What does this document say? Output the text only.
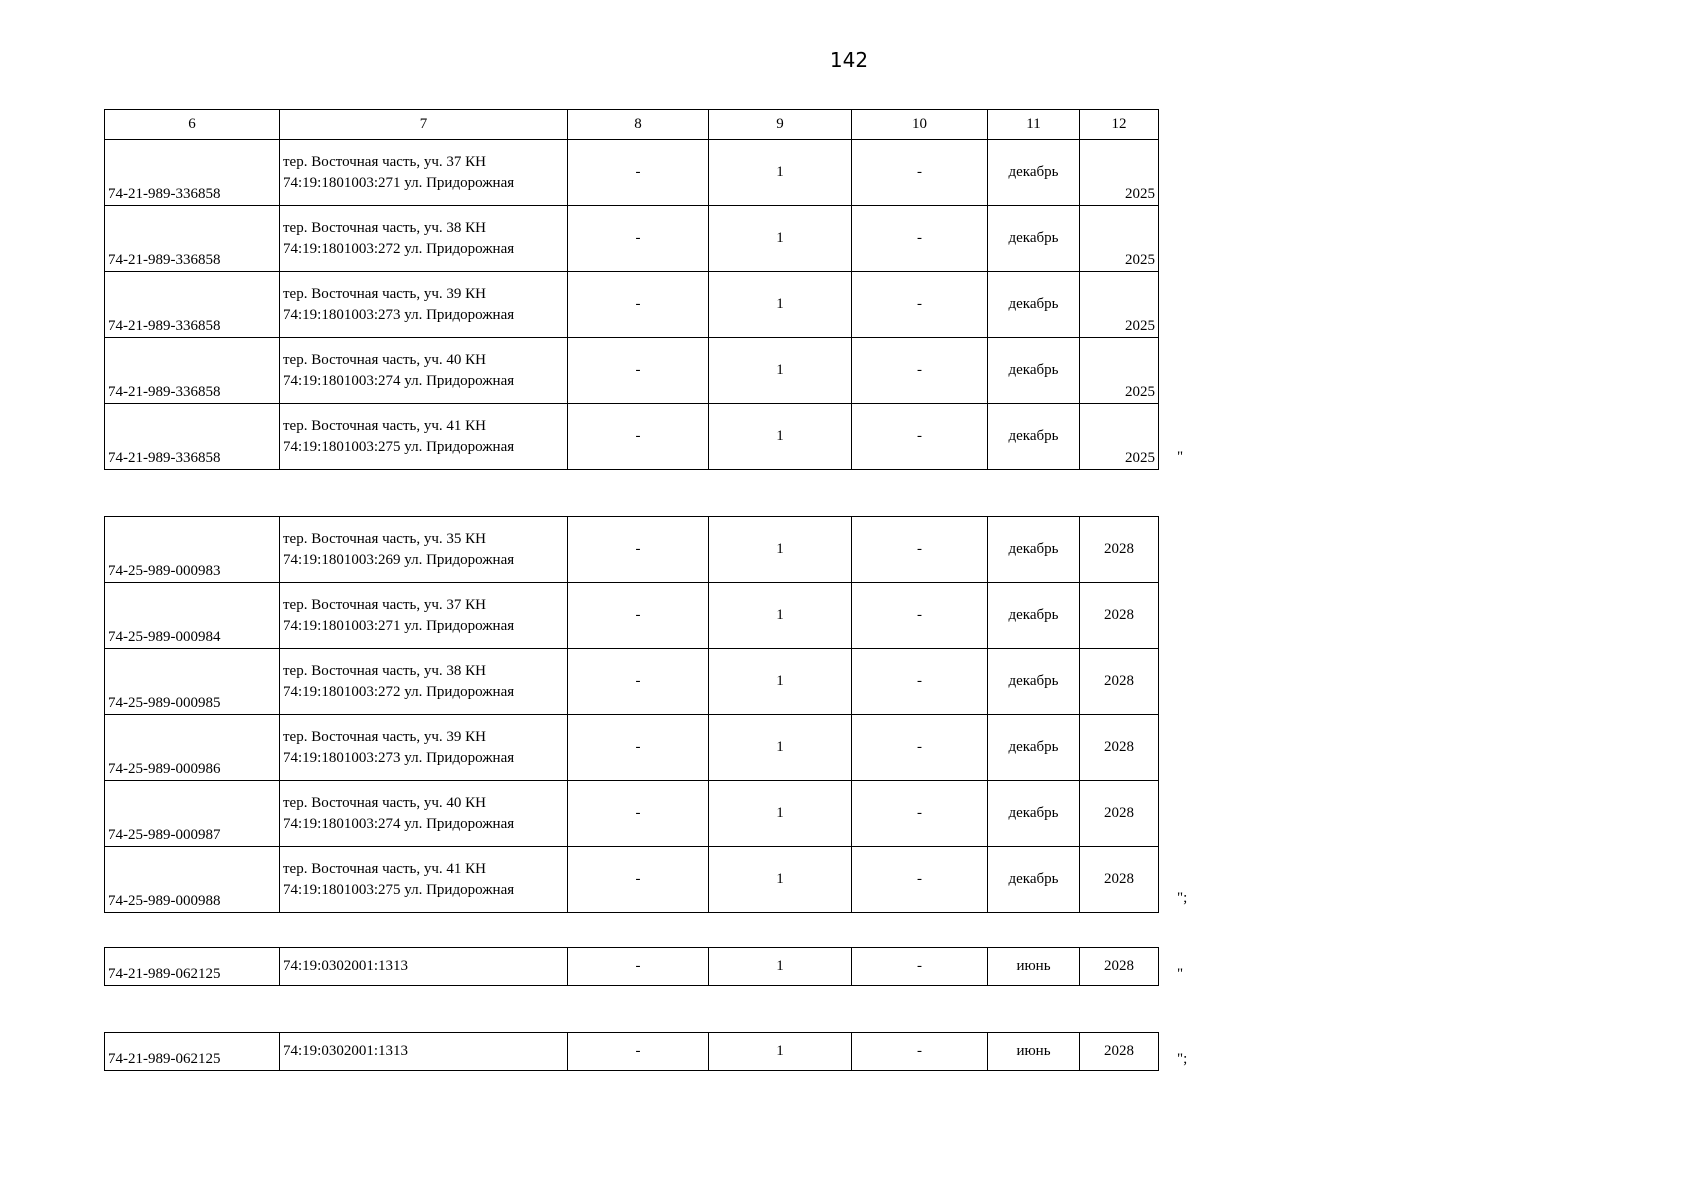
142
6	7	8	9	10	11	12
74-21-989-336858	тер. Восточная часть, уч. 37 КН
74:19:1801003:271 ул. Придорожная	-	1	-	декабрь	2025
74-21-989-336858	тер. Восточная часть, уч. 38 КН
74:19:1801003:272 ул. Придорожная	-	1	-	декабрь	2025
74-21-989-336858	тер. Восточная часть, уч. 39 КН
74:19:1801003:273 ул. Придорожная	-	1	-	декабрь	2025
74-21-989-336858	тер. Восточная часть, уч. 40 КН
74:19:1801003:274 ул. Придорожная	-	1	-	декабрь	2025
74-21-989-336858	тер. Восточная часть, уч. 41 КН
74:19:1801003:275 ул. Придорожная	-	1	-	декабрь	2025 "
74-25-989-000983	тер. Восточная часть, уч. 35 КН
74:19:1801003:269 ул. Придорожная	-	1	-	декабрь	2028
74-25-989-000984	тер. Восточная часть, уч. 37 КН
74:19:1801003:271 ул. Придорожная	-	1	-	декабрь	2028
74-25-989-000985	тер. Восточная часть, уч. 38 КН
74:19:1801003:272 ул. Придорожная	-	1	-	декабрь	2028
74-25-989-000986	тер. Восточная часть, уч. 39 КН
74:19:1801003:273 ул. Придорожная	-	1	-	декабрь	2028
74-25-989-000987	тер. Восточная часть, уч. 40 КН
74:19:1801003:274 ул. Придорожная	-	1	-	декабрь	2028
74-25-989-000988	тер. Восточная часть, уч. 41 КН
74:19:1801003:275 ул. Придорожная	-	1	-	декабрь	2028
";
74-21-989-062125	74:19:0302001:1313	-	1	-	июнь	2028	"
74-21-989-062125	74:19:0302001:1313	-	1	-	июнь	2028	";
